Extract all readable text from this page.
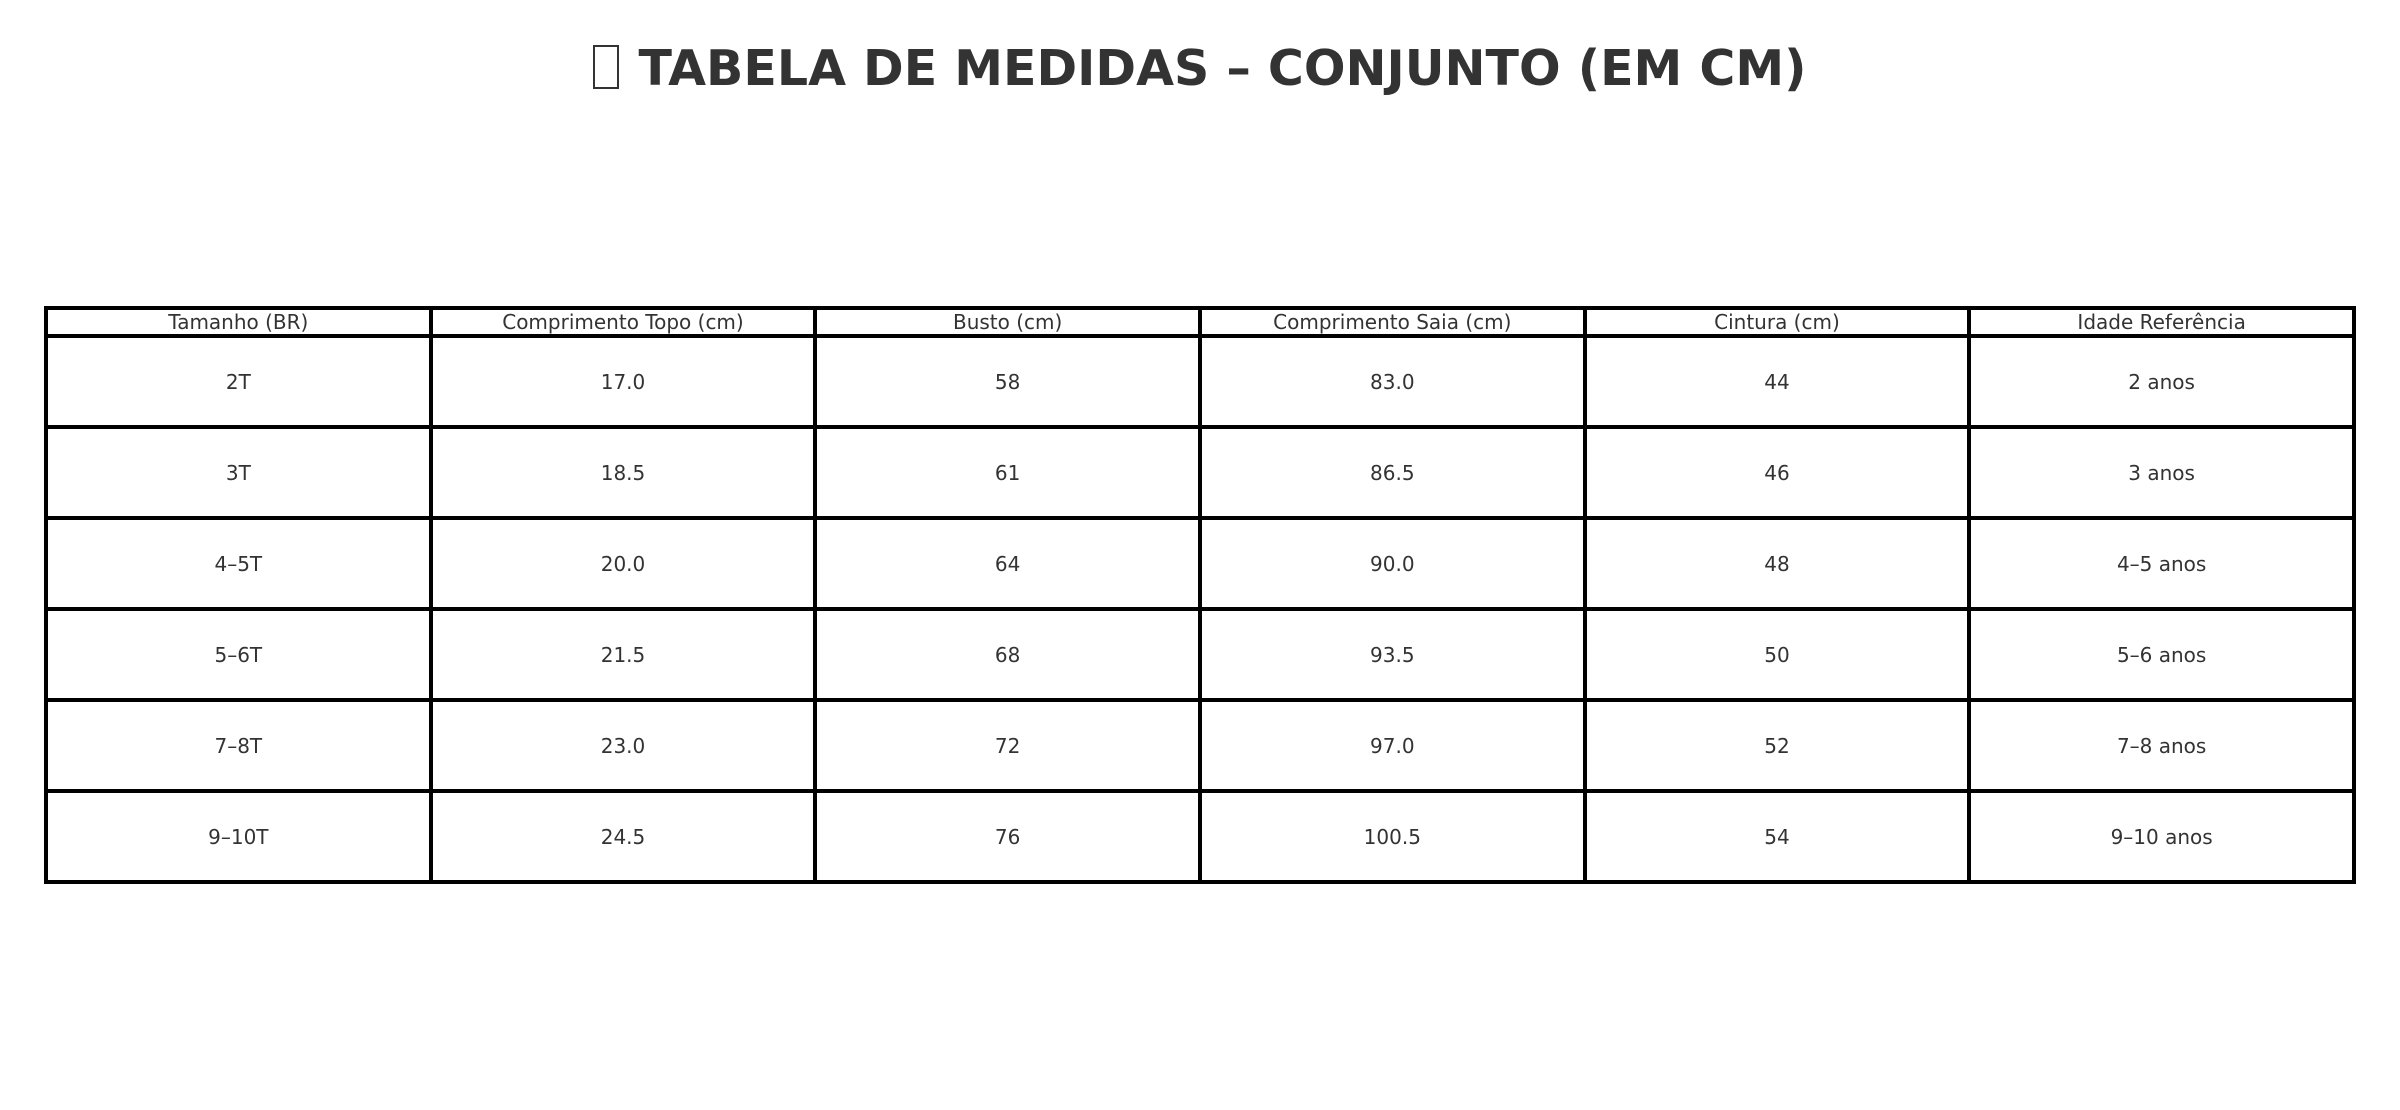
TABELA DE MEDIDAS – CONJUNTO (EM CM)
Tamanho (BR)	Comprimento Topo (cm)	Busto (cm)	Comprimento Saia (cm)	Cintura (cm)	Idade Referência
2T	17.0	58	83.0	44	2 anos
3T	18.5	61	86.5	46	3 anos
4–5T	20.0	64	90.0	48	4–5 anos
5–6T	21.5	68	93.5	50	5–6 anos
7–8T	23.0	72	97.0	52	7–8 anos
9–10T	24.5	76	100.5	54	9–10 anos
